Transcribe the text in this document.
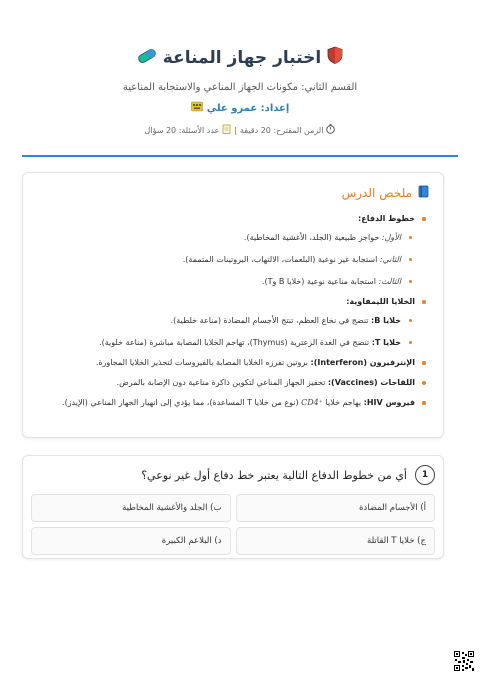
اختبار جهاز المناعة
القسم الثاني: مكونات الجهاز المناعي والاستجابة المناعية
إعداد: عمرو علي
الزمن المقترح: 20 دقيقة
|
عدد الأسئلة: 20 سؤال
ملخص الدرس
خطوط الدفاع:
الأول: حواجز طبيعية (الجلد، الأغشية المخاطية).
الثاني: استجابة غير نوعية (البلعمات، الالتهاب، البروتينات المتممة).
الثالث: استجابة مناعية نوعية (خلايا B وT).
الخلايا الليمفاوية:
خلايا B: تنضج في نخاع العظم، تنتج الأجسام المضادة (مناعة خلطية).
خلايا T: تنضج في الغدة الزعترية (Thymus)، تهاجم الخلايا المصابة مباشرة (مناعة خلوية).
الإنترفيرون (Interferon): بروتين تفرزه الخلايا المصابة بالفيروسات لتحذير الخلايا المجاورة.
اللقاحات (Vaccines): تحفيز الجهاز المناعي لتكوين ذاكرة مناعية دون الإصابة بالمرض.
فيروس HIV: يهاجم خلايا CD4⁺ (نوع من خلايا T المساعدة)، مما يؤدي إلى انهيار الجهاز المناعي (الإيدز).
1
أي من خطوط الدفاع التالية يعتبر خط دفاع أول غير نوعي؟
أ) الأجسام المضادة
ب) الجلد والأغشية المخاطية
ج) خلايا T القاتلة
د) البلاعم الكبيرة
